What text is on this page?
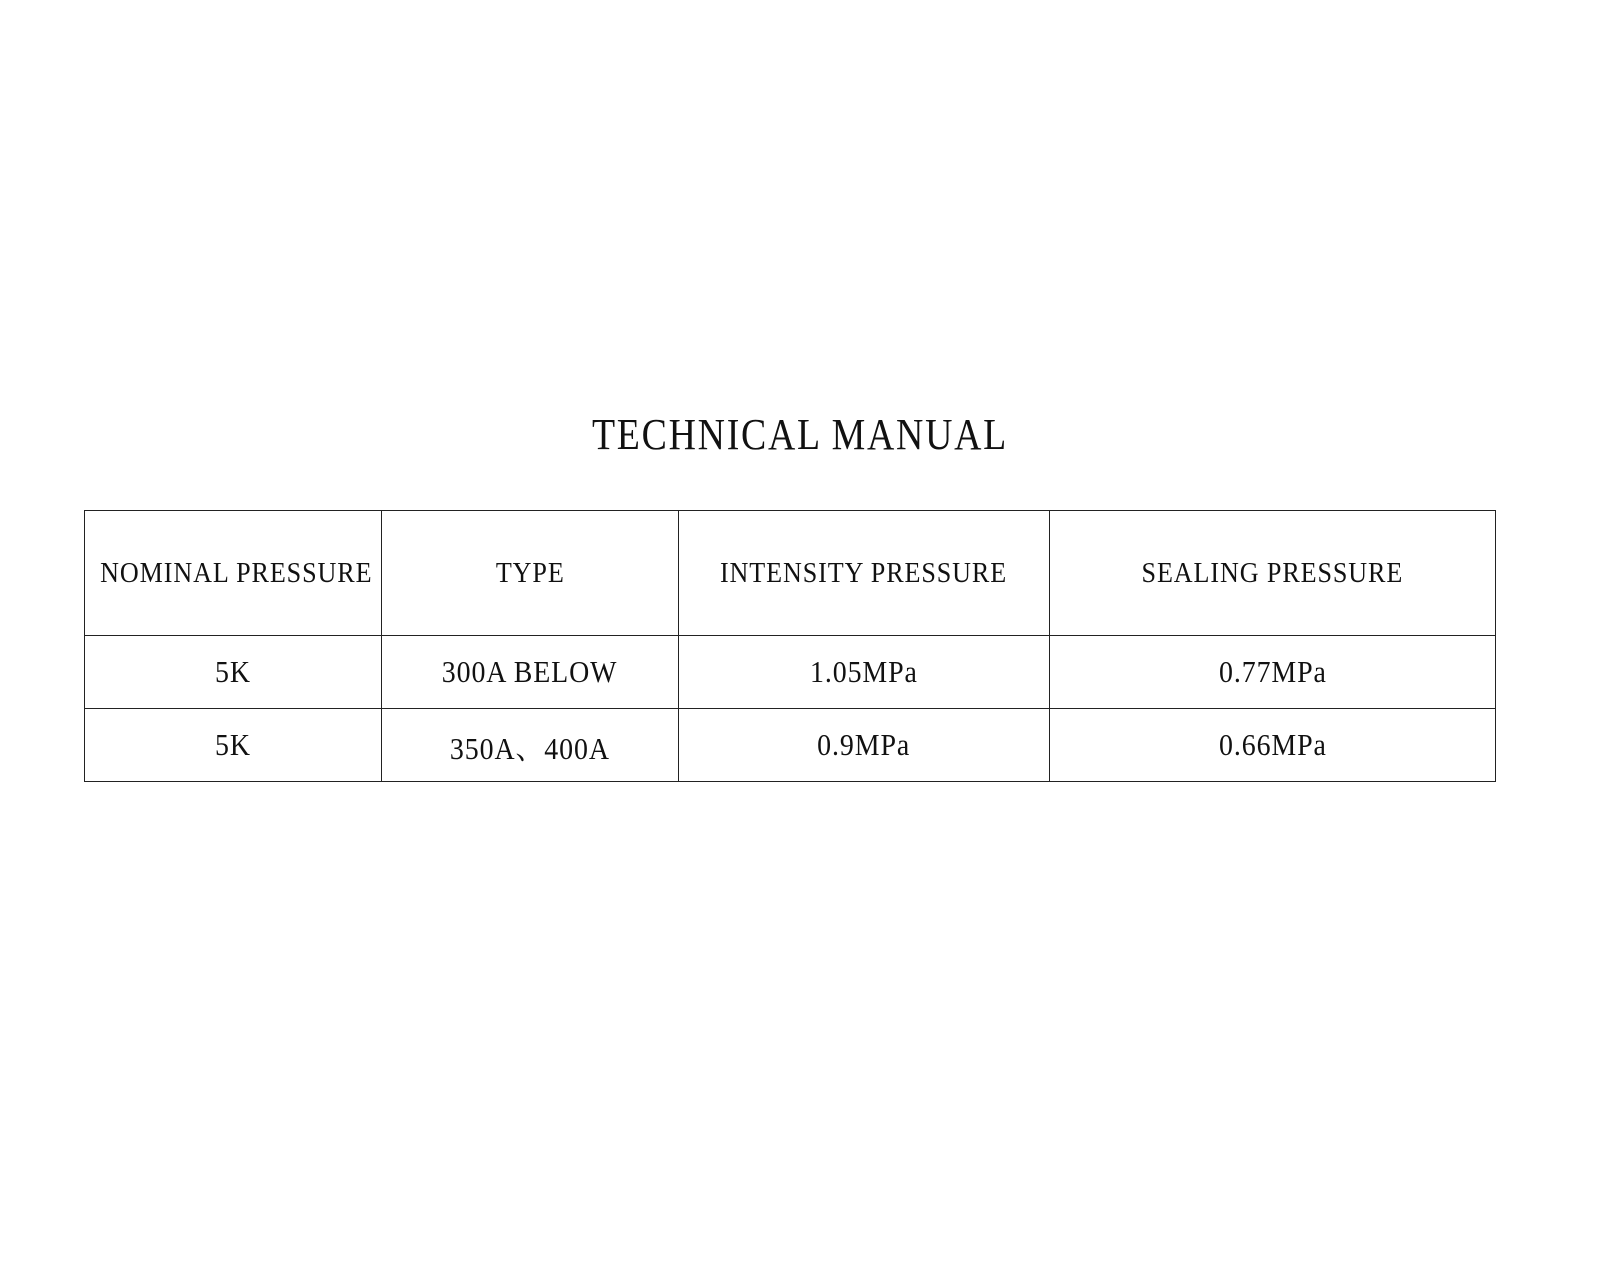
TECHNICAL MANUAL
NOMINAL PRESSURE	TYPE	INTENSITY PRESSURE	SEALING PRESSURE
5K	300A BELOW	1.05MPa	0.77MPa
5K	350A、400A	0.9MPa	0.66MPa
